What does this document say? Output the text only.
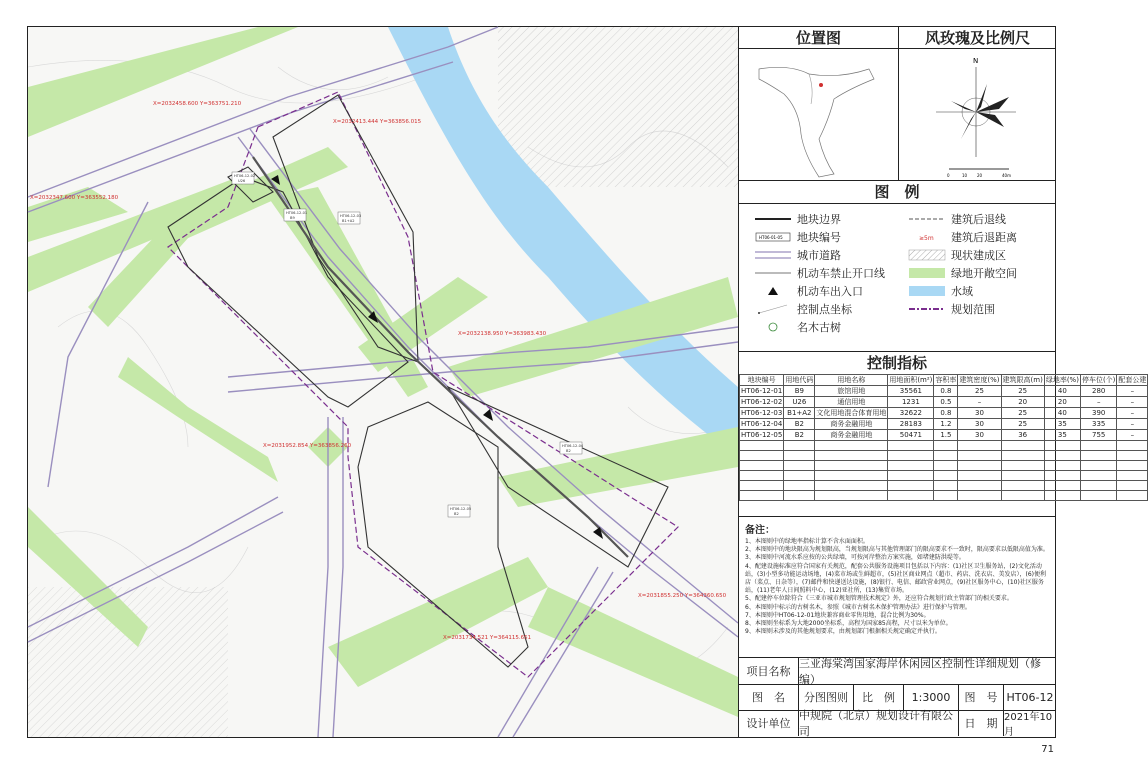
HT06-12-01
B9
HT06-12-02
U26
HT06-12-03
B1+A2
HT06-12-04
B2
HT06-12-05
B2
X=2032458.600 Y=363751.210
X=2032413.444 Y=363856.015
X=2032347.600 Y=363552.180
X=2032138.950 Y=363983.430
X=2031952.854 Y=363856.260
X=2031855.250 Y=364360.650
X=2031734.521 Y=364115.651
位置图	风玫瑰及比例尺
N
0	10 20	40m
图　例
地块边界
HT06-01-05 地块编号
城市道路
机动车禁止开口线
机动车出入口
控制点坐标
名木古树
建筑后退线
≥5m 建筑后退距离
现状建成区
绿地开敞空间
水域
规划范围
控制指标
地块编号	用地代码	用地名称	用地面积(m²)	容积率	建筑密度(%)	建筑限高(m)	绿地率(%)	停车位(个)	配套公建
HT06-12-01	B9	旅馆用地	35561	0.8	25	25	40	280	–
HT06-12-02	U26	通信用地	1231	0.5	–	20	20	–	–
HT06-12-03	B1+A2	文化用地混合体育用地	32622	0.8	30	25	40	390	–
HT06-12-04	B2	商务金融用地	28183	1.2	30	25	35	335	–
HT06-12-05	B2	商务金融用地	50471	1.5	30	36	35	755	–

备注：
1、本图则中的绿地率指标计算不含水面面积。
2、本图则中的地块限高为规划限高，当规划限高与其他管理部门的限高要求不一致时，限高要求以低限高值为准。
3、本图则中河流水系应按的公共绿墙，可按河岸整治方案实施，如堵建防洪堤等。
4、配建设施标准应符合国家有关规范，配套公共服务设施项目包括以下内容：(1)社区卫生服务站，(2)文化活动
站，(3)小型多功能运动场地，(4)菜市场或生鲜超市，(5)社区商业网点（超市、药店、洗衣店、美发店），(6)便利
店（菜点、日杂等），(7)邮件和快递送达设施，(8)银行、电信、邮政营业网点，(9)社区服务中心，(10)社区服务
站，(11)老年人日间照料中心，(12)亚社所，(13)集贸市场。
5、配建停车位除符合《三亚市城市规划管理技术规定》外，还应符合规划行政主管部门的相关要求。
6、本图则中标示的古树名木，参照《城市古树名木保护管理办法》进行保护与管理。
7、本图则中HT06-12-01地块兼容商业零售用地，混合比例为30%。
8、本图则坐标系为大地2000坐标系，高程为国家85高程，尺寸以米为单位。
9、本图则未涉及的其他规划要求，由规划部门根据相关规定确定并执行。
项目名称
三亚海棠湾国家海岸休闲园区控制性详细规划（修编）
图　名	分图图则	比　例	1:3000	图　号 HT06-12
设计单位
中规院（北京）规划设计有限公司
日　期 2021年10月
71
